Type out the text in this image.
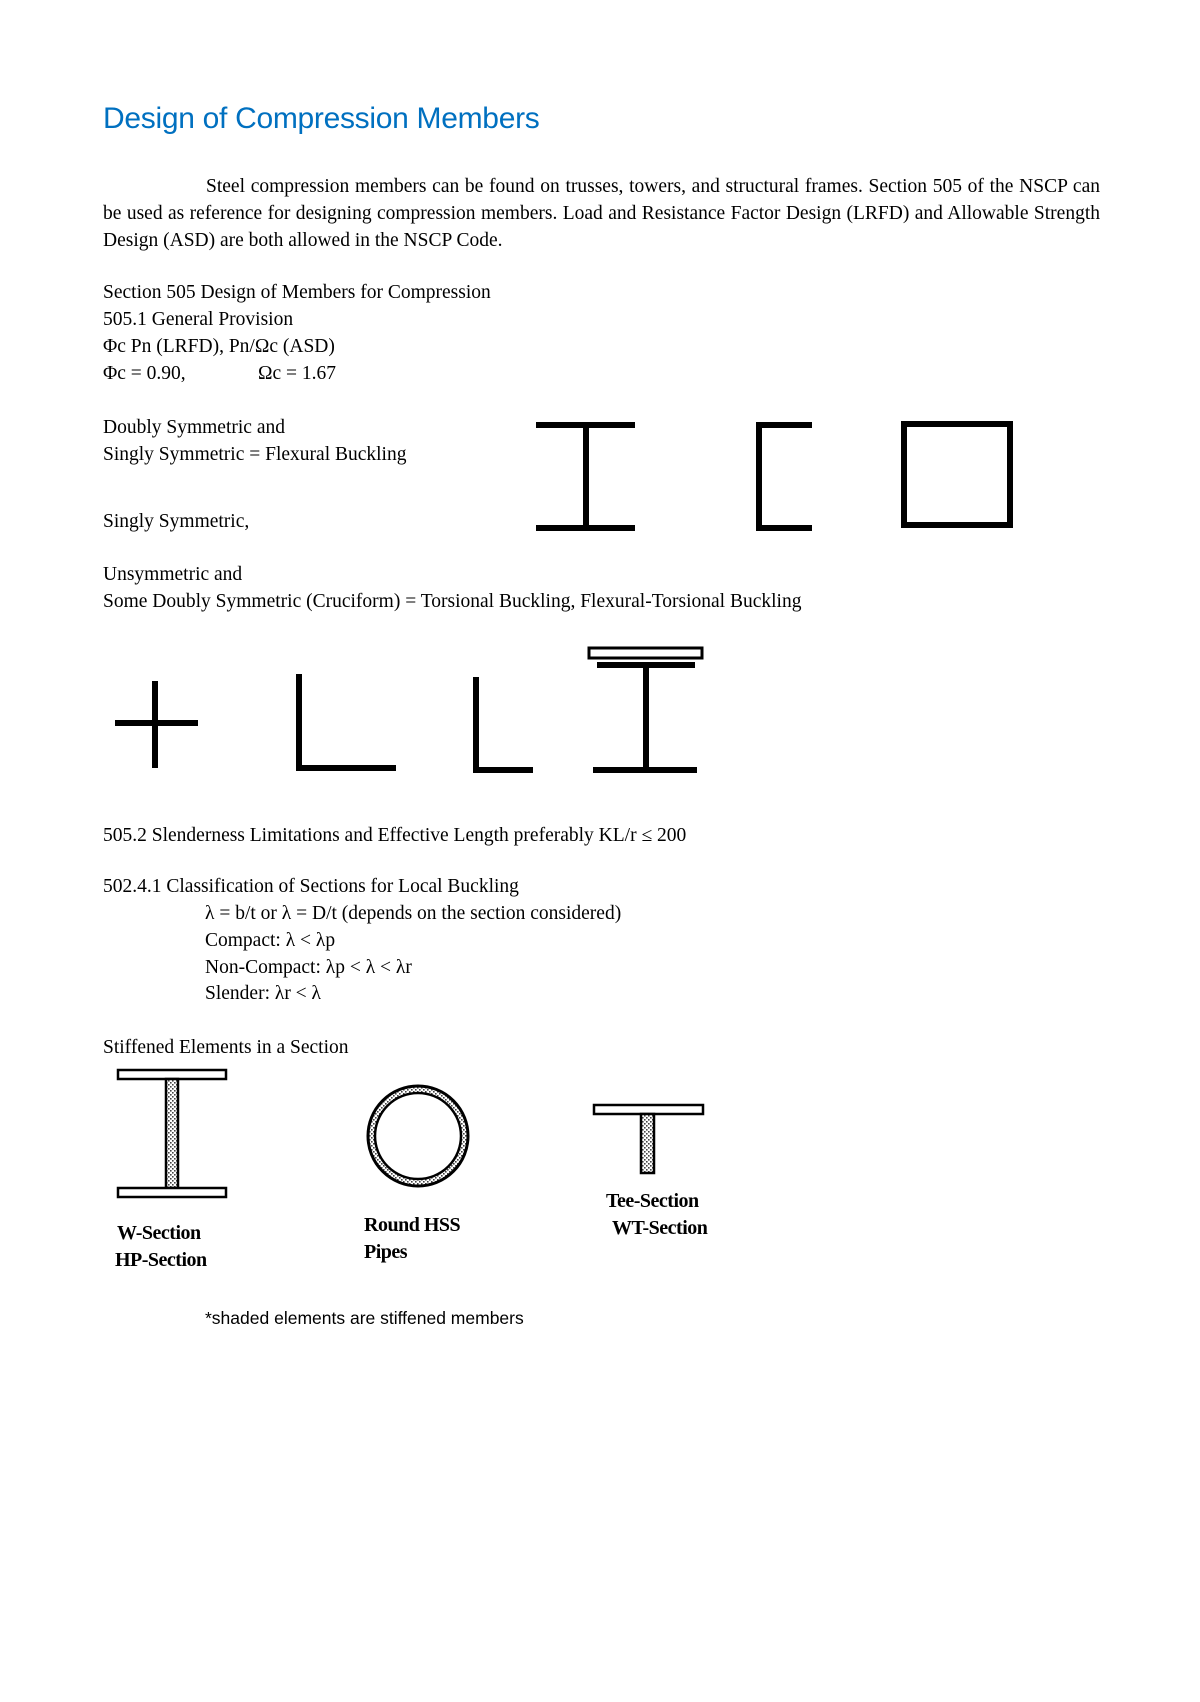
Design of Compression Members
Steel compression members can be found on trusses, towers, and structural frames. Section 505 of the NSCP can be used as reference for designing compression members. Load and Resistance Factor Design (LRFD) and Allowable Strength Design (ASD) are both allowed in the NSCP Code.
Section 505 Design of Members for Compression
505.1 General Provision
Φc Pn (LRFD), Pn/Ωc (ASD)
Φc = 0.90,	Ωc = 1.67
Doubly Symmetric and
Singly Symmetric = Flexural Buckling
Singly Symmetric,
Unsymmetric and
Some Doubly Symmetric (Cruciform) = Torsional Buckling, Flexural-Torsional Buckling
505.2 Slenderness Limitations and Effective Length preferably KL/r ≤ 200
502.4.1 Classification of Sections for Local Buckling
λ = b/t or λ = D/t (depends on the section considered)
Compact: λ < λp
Non-Compact: λp < λ < λr
Slender: λr < λ
Stiffened Elements in a Section
W-Section
HP-Section
Round HSS
Pipes
Tee-Section
WT-Section
*shaded elements are stiffened members
